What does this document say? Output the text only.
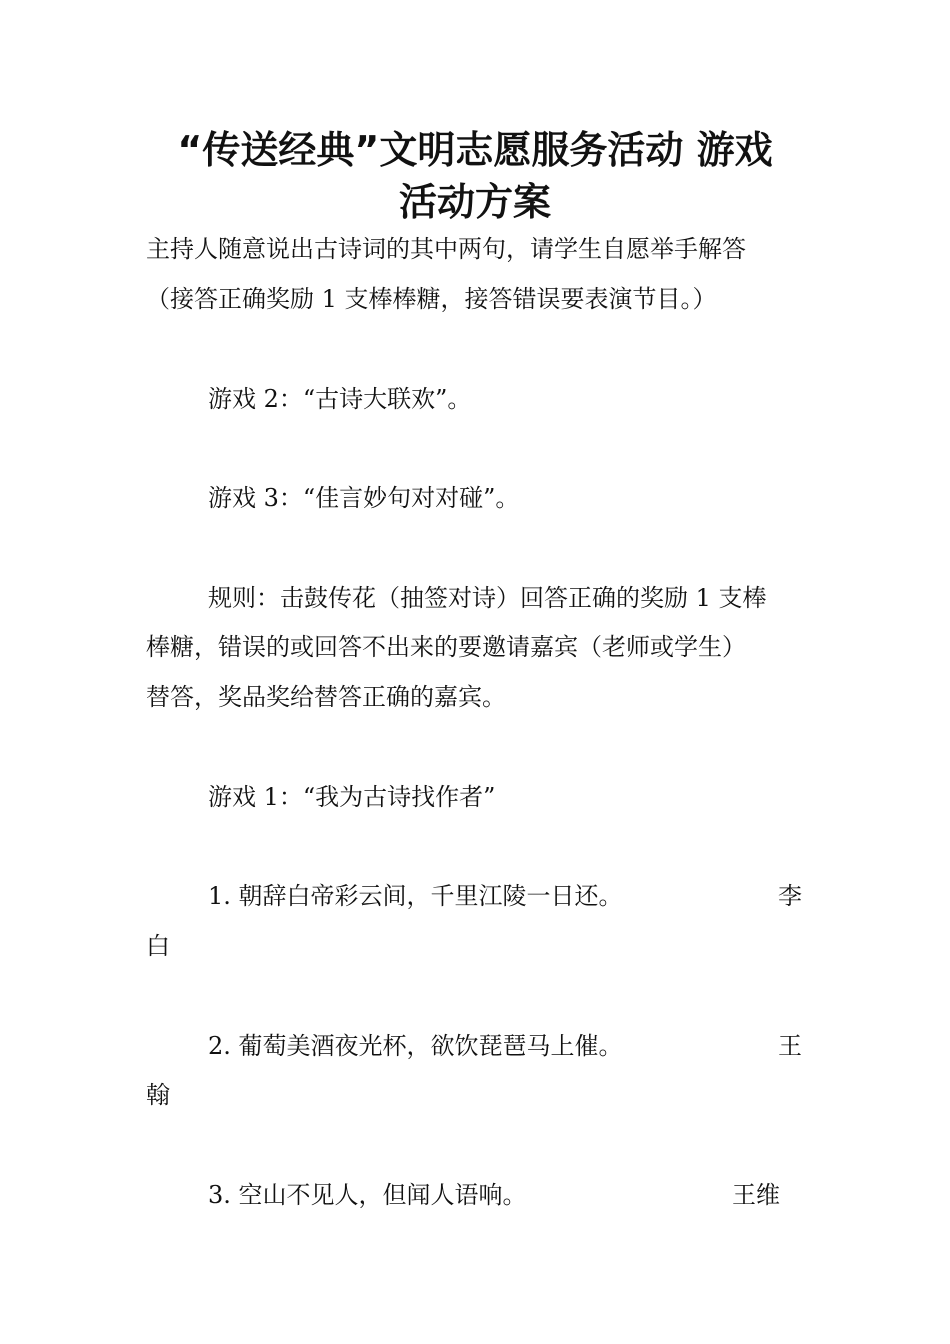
“传送经典”文明志愿服务活动 游戏
活动方案
主持人随意说出古诗词的其中两句，请学生自愿举手解答
（接答正确奖励 1 支棒棒糖，接答错误要表演节目。）
游戏 2：“古诗大联欢”。
游戏 3：“佳言妙句对对碰”。
规则：击鼓传花（抽签对诗）回答正确的奖励 1 支棒
棒糖，错误的或回答不出来的要邀请嘉宾（老师或学生）
替答，奖品奖给替答正确的嘉宾。
游戏 1：“我为古诗找作者”
1. 朝辞白帝彩云间，千里江陵一日还。	李
白
2. 葡萄美酒夜光杯，欲饮琵琶马上催。	王
翰
3. 空山不见人，但闻人语响。	王维
